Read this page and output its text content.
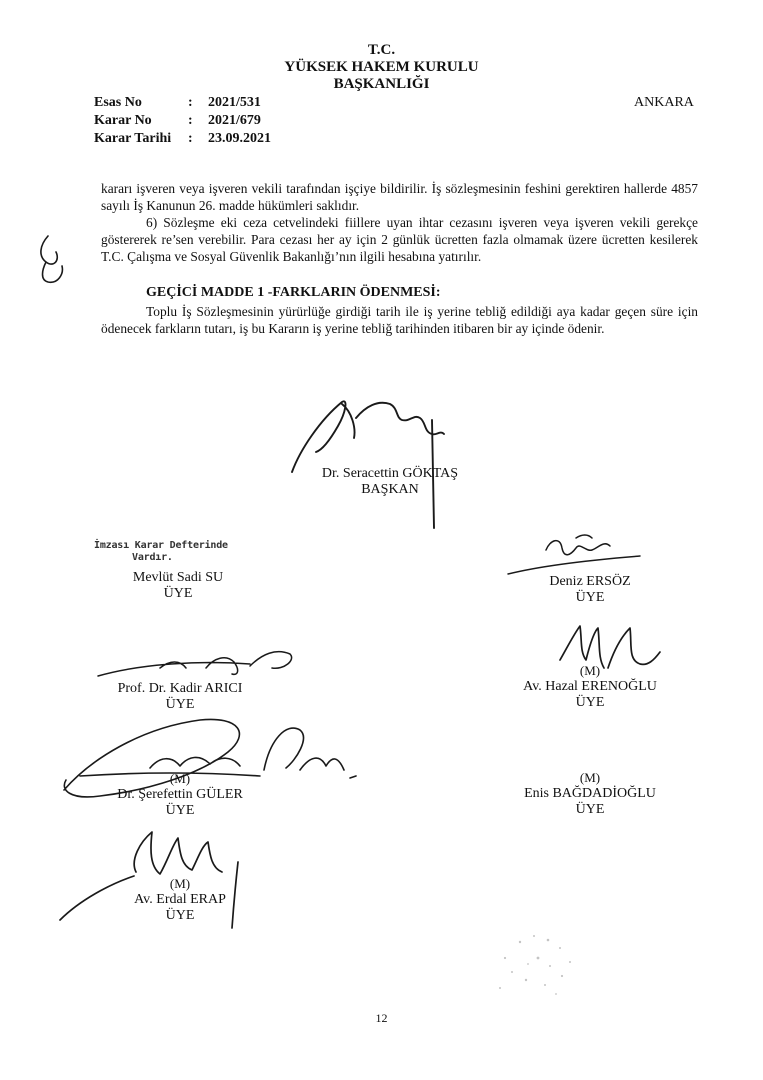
T.C.
YÜKSEK HAKEM KURULU
BAŞKANLIĞI
Esas No	: 2021/531
Karar No	: 2021/679
Karar Tarihi : 23.09.2021
ANKARA
kararı işveren veya işveren vekili tarafından işçiye bildirilir. İş sözleşmesinin feshini gerektiren hallerde 4857 sayılı İş Kanunun 26. madde hükümleri saklıdır.
6) Sözleşme eki ceza cetvelindeki fiillere uyan ihtar cezasını işveren veya işveren vekili gerekçe göstererek re’sen verebilir. Para cezası her ay için 2 günlük ücretten fazla olmamak üzere ücretten kesilerek T.C. Çalışma ve Sosyal Güvenlik Bakanlığı’nın ilgili hesabına yatırılır.
GEÇİCİ MADDE 1 -FARKLARIN ÖDENMESİ:
Toplu İş Sözleşmesinin yürürlüğe girdiği tarih ile iş yerine tebliğ edildiği aya kadar geçen süre için ödenecek farkların tutarı, iş bu Kararın iş yerine tebliğ tarihinden itibaren bir ay içinde ödenir.
Dr. Seracettin GÖKTAŞ
BAŞKAN
İmzası Karar Defterinde
Vardır.
Mevlüt Sadi SU
ÜYE
Deniz ERSÖZ
ÜYE
Prof. Dr. Kadir ARICI
ÜYE
(M)
Av. Hazal ERENOĞLU
ÜYE
(M)
Dr. Şerefettin GÜLER
ÜYE
(M)
Enis BAĞDADİOĞLU
ÜYE
(M)
Av. Erdal ERAP
ÜYE
12
